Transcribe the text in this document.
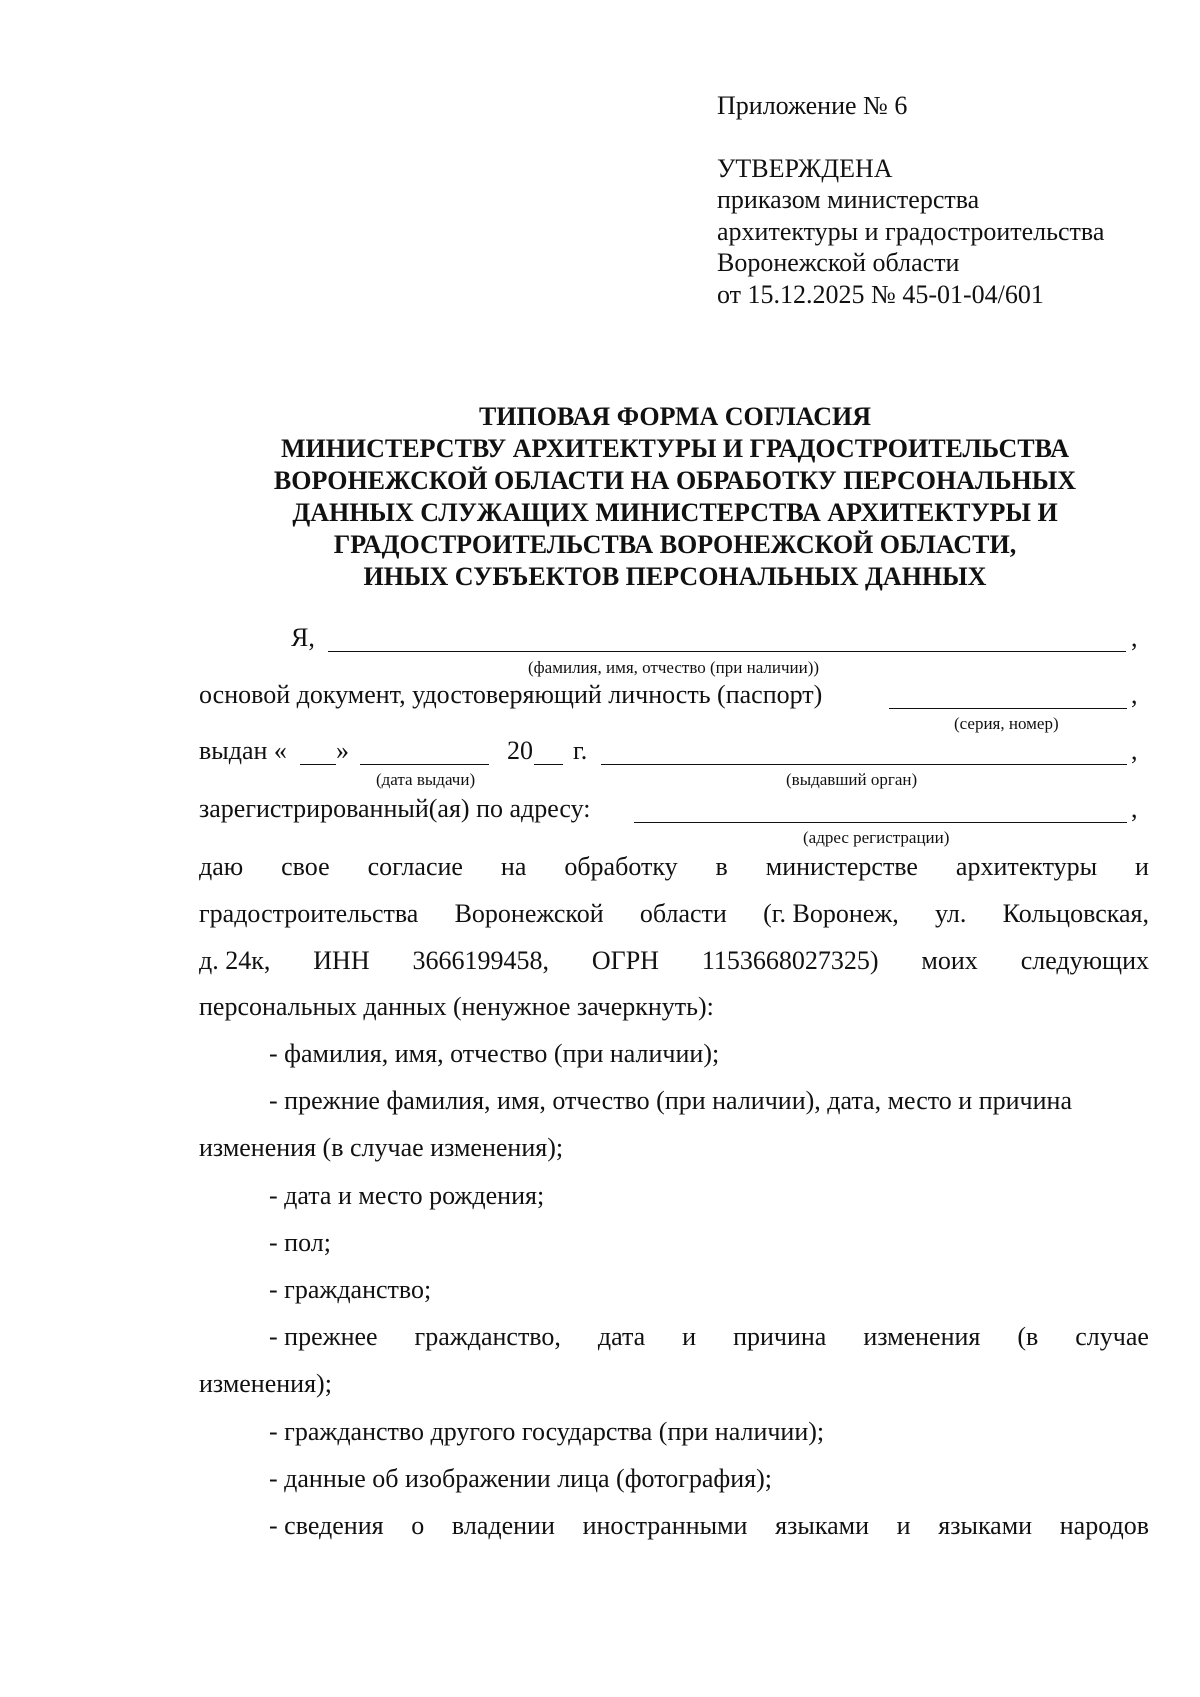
Приложение № 6
УТВЕРЖДЕНА
приказом министерства
архитектуры и градостроительства
Воронежской области
от 15.12.2025 № 45-01-04/601
ТИПОВАЯ ФОРМА СОГЛАСИЯ
МИНИСТЕРСТВУ АРХИТЕКТУРЫ И ГРАДОСТРОИТЕЛЬСТВА
ВОРОНЕЖСКОЙ ОБЛАСТИ НА ОБРАБОТКУ ПЕРСОНАЛЬНЫХ
ДАННЫХ СЛУЖАЩИХ МИНИСТЕРСТВА АРХИТЕКТУРЫ И
ГРАДОСТРОИТЕЛЬСТВА ВОРОНЕЖСКОЙ ОБЛАСТИ,
ИНЫХ СУБЪЕКТОВ ПЕРСОНАЛЬНЫХ ДАННЫХ
Я,	,
(фамилия, имя, отчество (при наличии))
основой документ, удостоверяющий личность (паспорт)	,
(серия, номер)
выдан « »	20 г.	,
(дата выдачи)	(выдавший орган)
зарегистрированный(ая) по адресу:	,
(адрес регистрации)
даю свое согласие на обработку в министерстве архитектуры и
градостроительства Воронежской области (г. Воронеж, ул. Кольцовская,
д. 24к, ИНН 3666199458, ОГРН 1153668027325) моих следующих
персональных данных (ненужное зачеркнуть):
- фамилия, имя, отчество (при наличии);
- прежние фамилия, имя, отчество (при наличии), дата, место и причина
изменения (в случае изменения);
- дата и место рождения;
- пол;
- гражданство;
- прежнее гражданство, дата и причина изменения (в случае
изменения);
- гражданство другого государства (при наличии);
- данные об изображении лица (фотография);
- сведения о владении иностранными языками и языками народов
